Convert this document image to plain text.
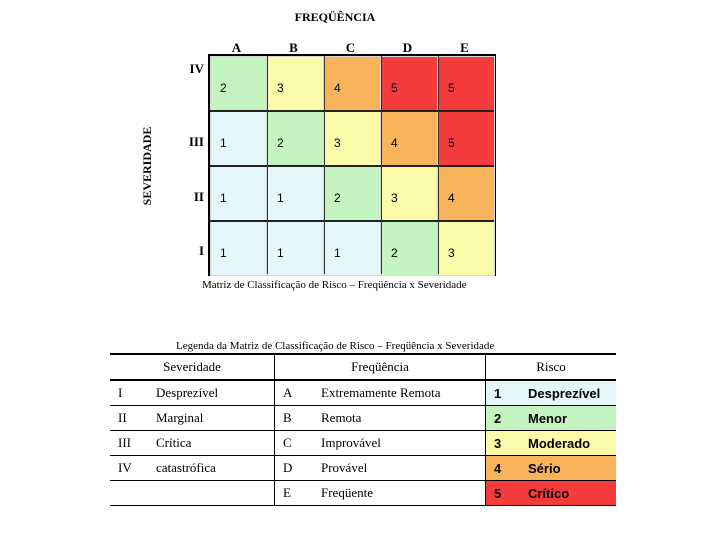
FREQÜÊNCIA
A	B	C	D	E
IV
III
II
I
SEVERIDADE
2	3	4	5	5
1	2	3	4	5
1	1	2	3	4
1	1	1	2	3
Matriz de Classificação de Risco – Freqüência x Severidade
Legenda da Matriz de Classificação de Risco – Freqüência x Severidade
Severidade		Freqüência		Risco	
I	Desprezível	A	Extremamente Remota	1	Desprezível
II	Marginal	B	Remota	2	Menor
III	Crítica	C	Improvável	3	Moderado
IV	catastrófica	D	Provável	4	Sério
		E	Freqüente	5	Crítico
